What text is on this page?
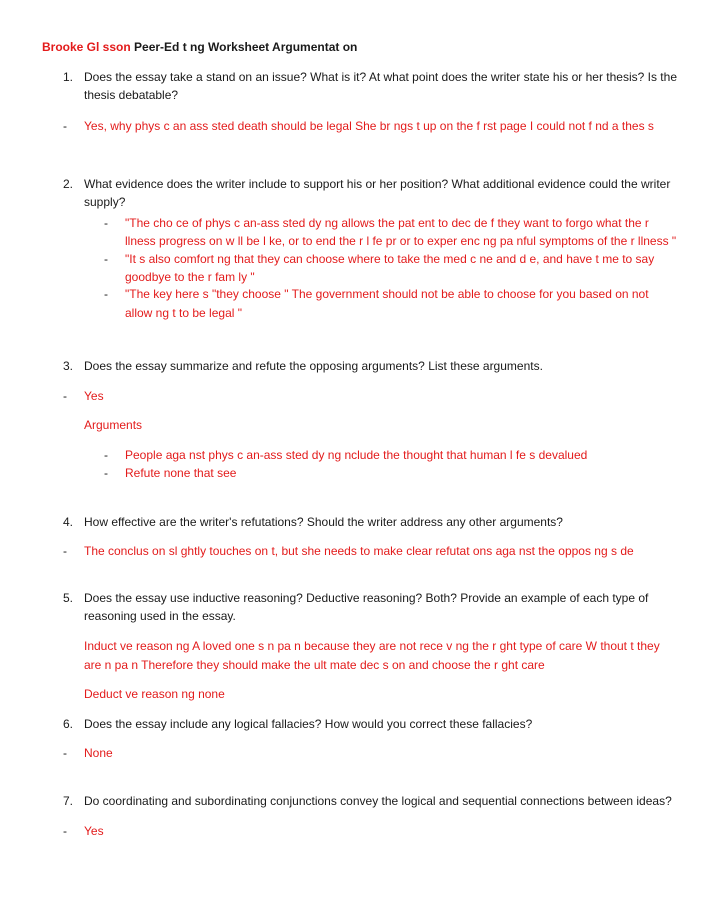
Brooke Gl sson Peer-Ed t ng Worksheet Argumentat on
1. Does the essay take a stand on an issue? What is it? At what point does the writer state his or her thesis? Is the
thesis debatable?
- Yes, why phys c an ass sted death should be legal She br ngs t up on the f rst page I could not f nd a thes s
2. What evidence does the writer include to support his or her position? What additional evidence could the writer
supply?
- "The cho ce of phys c an-ass sted dy ng allows the pat ent to dec de f they want to forgo what the r
llness progress on w ll be l ke, or to end the r l fe pr or to exper enc ng pa nful symptoms of the r llness "
- "It s also comfort ng that they can choose where to take the med c ne and d e, and have t me to say
goodbye to the r fam ly "
- "The key here s "they choose " The government should not be able to choose for you based on not
allow ng t to be legal "
3. Does the essay summarize and refute the opposing arguments? List these arguments.
- Yes
Arguments
- People aga nst phys c an-ass sted dy ng nclude the thought that human l fe s devalued
- Refute none that see
4. How effective are the writer's refutations? Should the writer address any other arguments?
- The conclus on sl ghtly touches on t, but she needs to make clear refutat ons aga nst the oppos ng s de
5. Does the essay use inductive reasoning? Deductive reasoning? Both? Provide an example of each type of
reasoning used in the essay.
Induct ve reason ng A loved one s n pa n because they are not rece v ng the r ght type of care W thout t they
are n pa n Therefore they should make the ult mate dec s on and choose the r ght care
Deduct ve reason ng none
6. Does the essay include any logical fallacies? How would you correct these fallacies?
- None
7. Do coordinating and subordinating conjunctions convey the logical and sequential connections between ideas?
- Yes
